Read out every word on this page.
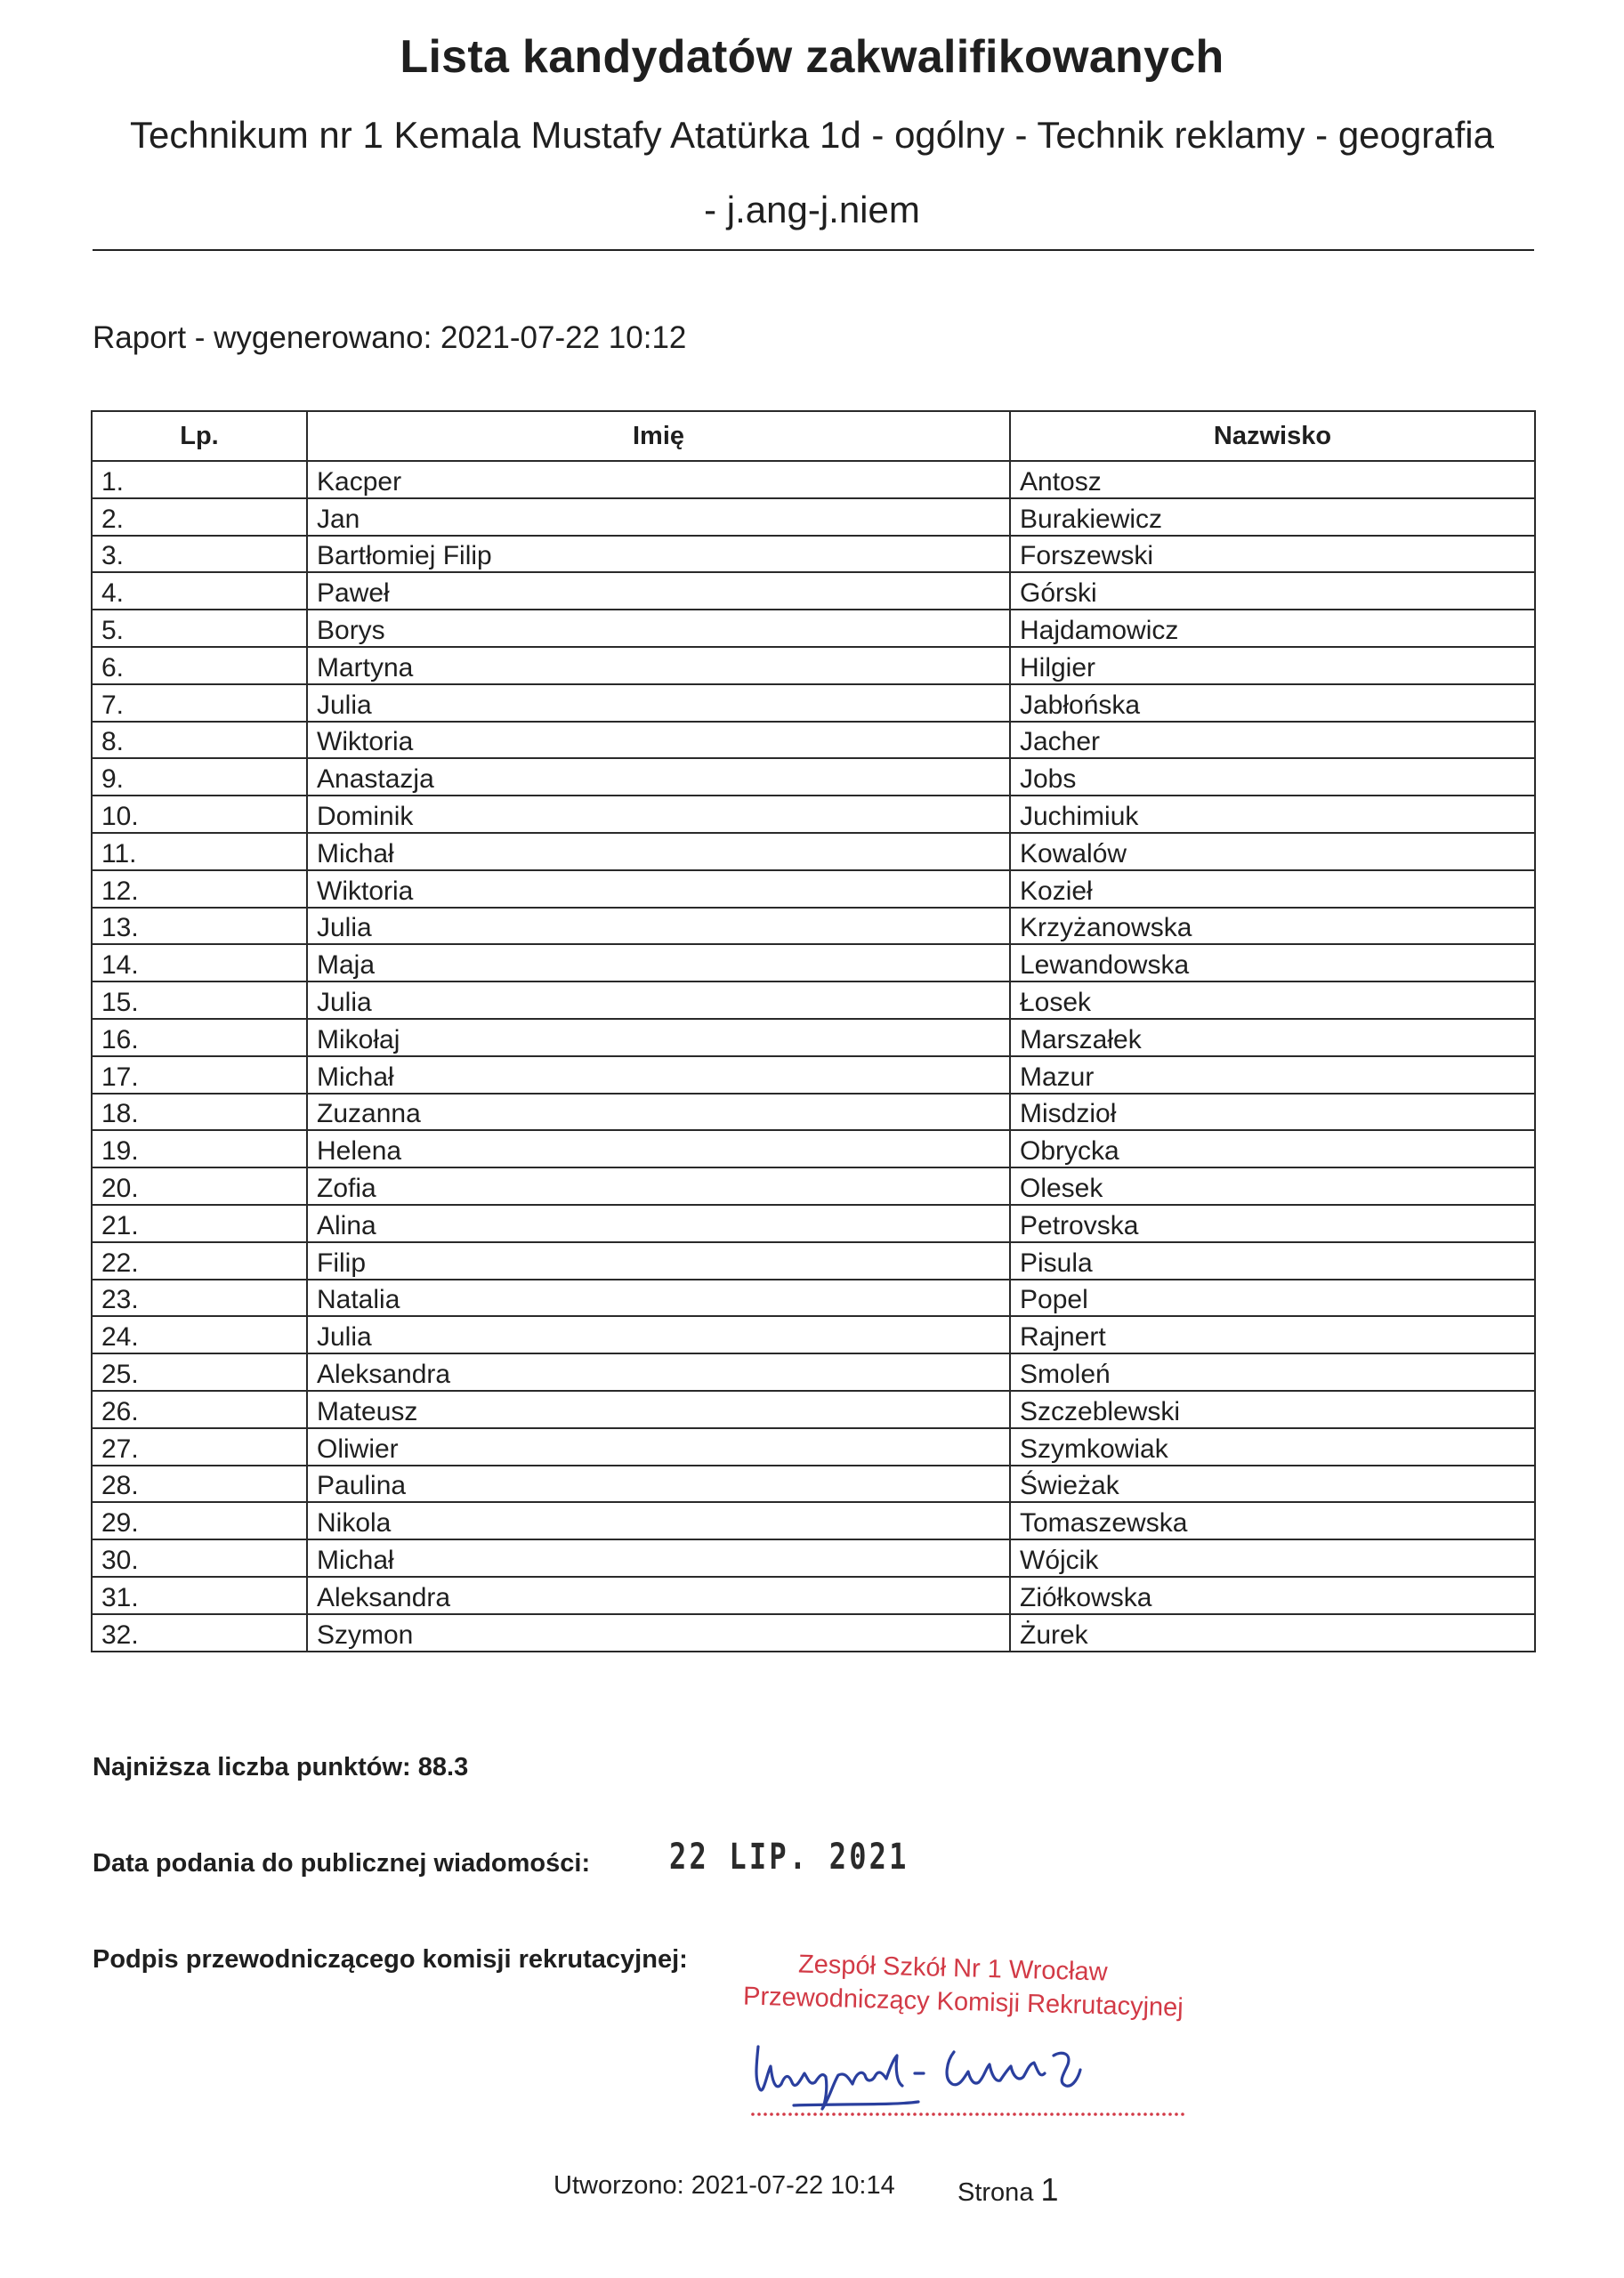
Lista kandydatów zakwalifikowanych
Technikum nr 1 Kemala Mustafy Atatürka 1d - ogólny - Technik reklamy - geografia
- j.ang-j.niem
Raport - wygenerowano: 2021-07-22 10:12
Lp.	Imię	Nazwisko
1.	Kacper	Antosz
2.	Jan	Burakiewicz
3.	Bartłomiej Filip	Forszewski
4.	Paweł	Górski
5.	Borys	Hajdamowicz
6.	Martyna	Hilgier
7.	Julia	Jabłońska
8.	Wiktoria	Jacher
9.	Anastazja	Jobs
10.	Dominik	Juchimiuk
11.	Michał	Kowalów
12.	Wiktoria	Kozieł
13.	Julia	Krzyżanowska
14.	Maja	Lewandowska
15.	Julia	Łosek
16.	Mikołaj	Marszałek
17.	Michał	Mazur
18.	Zuzanna	Misdzioł
19.	Helena	Obrycka
20.	Zofia	Olesek
21.	Alina	Petrovska
22.	Filip	Pisula
23.	Natalia	Popel
24.	Julia	Rajnert
25.	Aleksandra	Smoleń
26.	Mateusz	Szczeblewski
27.	Oliwier	Szymkowiak
28.	Paulina	Świeżak
29.	Nikola	Tomaszewska
30.	Michał	Wójcik
31.	Aleksandra	Ziółkowska
32.	Szymon	Żurek
Najniższa liczba punktów: 88.3
Data podania do publicznej wiadomości: 22 LIP. 2021
Podpis przewodniczącego komisji rekrutacyjnej:	Zespół Szkół Nr 1 Wrocław
Przewodniczący Komisji Rekrutacyjnej
Utworzono: 2021-07-22 10:14 Strona 1
